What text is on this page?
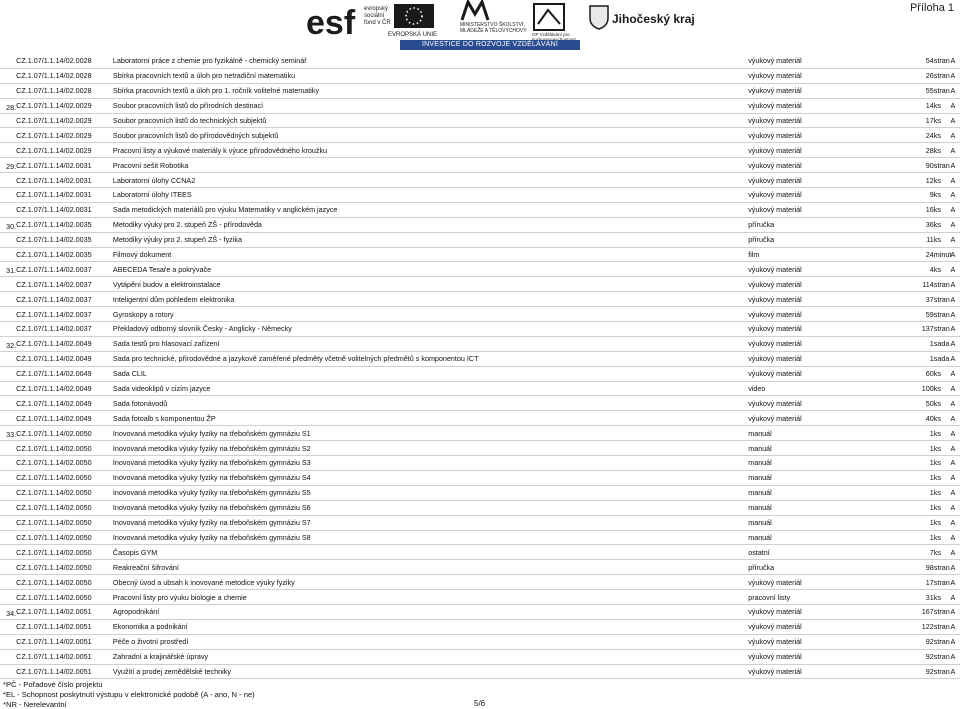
Příloha 1
esf evropský
sociální
fond v ČR
EVROPSKÁ UNIE
MINISTERSTVO ŠKOLSTVÍ, MLÁDEŽE A TĚLOVÝCHOVY
OP Vzdělávání pro
Jihočeský kraj
INVESTICE DO ROZVOJE VZDĚLÁVÁNÍ
	CZ.1.07/1.1.14/02.0028	Laboratorní práce z chemie pro fyzikálně - chemický seminář	výukový materiál	54	stran	A
	CZ.1.07/1.1.14/02.0028	Sbírka pracovních textů a úloh pro netradiční matematiku	výukový materiál	26	stran	A
	CZ.1.07/1.1.14/02.0028	Sbírka pracovních textů a úloh pro 1. ročník volitelné matematiky	výukový materiál	55	stran	A
28.	CZ.1.07/1.1.14/02.0029	Soubor pracovních listů do přírodních destinací	výukový materiál	14	ks	A
	CZ.1.07/1.1.14/02.0029	Soubor pracovních listů do technických subjektů	výukový materiál	17	ks	A
	CZ.1.07/1.1.14/02.0029	Soubor pracovních listů do přírodovědných subjektů	výukový materiál	24	ks	A
	CZ.1.07/1.1.14/02.0029	Pracovní listy a výukové materiály k výuce přírodovědného kroužku	výukový materiál	28	ks	A
29.	CZ.1.07/1.1.14/02.0031	Pracovní sešit Robotika	výukový materiál	90	stran	A
	CZ.1.07/1.1.14/02.0031	Laboratorní úlohy CCNA2	výukový materiál	12	ks	A
	CZ.1.07/1.1.14/02.0031	Laboratorní úlohy ITEES	výukový materiál	9	ks	A
	CZ.1.07/1.1.14/02.0031	Sada metodických materiálů pro výuku Matematiky v anglickém jazyce	výukový materiál	16	ks	A
30.	CZ.1.07/1.1.14/02.0035	Metodiky výuky pro 2. stupeň ZŠ - přírodověda	příručka	36	ks	A
	CZ.1.07/1.1.14/02.0035	Metodiky výuky pro 2. stupeň ZŠ - fyzika	příručka	11	ks	A
	CZ.1.07/1.1.14/02.0035	Filmový dokument	film	24	minut	A
31.	CZ.1.07/1.1.14/02.0037	ABECEDA Tesaře a pokrývače	výukový materiál	4	ks	A
	CZ.1.07/1.1.14/02.0037	Vytápění budov a elektroinstalace	výukový materiál	114	stran	A
	CZ.1.07/1.1.14/02.0037	Inteligentní dům pohledem elektronika	výukový materiál	37	stran	A
	CZ.1.07/1.1.14/02.0037	Gyroskopy a rotory	výukový materiál	59	stran	A
	CZ.1.07/1.1.14/02.0037	Překladový odborný slovník Česky - Anglicky - Německy	výukový materiál	137	stran	A
32.	CZ.1.07/1.1.14/02.0049	Sada testů pro hlasovací zařízení	výukový materiál	1	sada	A
	CZ.1.07/1.1.14/02.0049	Sada pro technické, přírodovědné a jazykově zaměřené předměty včetně volitelných předmětů s komponentou ICT	výukový materiál	1	sada	A
	CZ.1.07/1.1.14/02.0049	Sada CLIL	výukový materiál	60	ks	A
	CZ.1.07/1.1.14/02.0049	Sada videoklipů v cizím jazyce	video	100	ks	A
	CZ.1.07/1.1.14/02.0049	Sada fotonávodů	výukový materiál	50	ks	A
	CZ.1.07/1.1.14/02.0049	Sada fotoalb s komponentou ŽP	výukový materiál	40	ks	A
33.	CZ.1.07/1.1.14/02.0050	Inovovaná metodika výuky fyziky na třeboňském gymnáziu S1	manuál	1	ks	A
	CZ.1.07/1.1.14/02.0050	Inovovaná metodika výuky fyziky na třeboňském gymnáziu S2	manuál	1	ks	A
	CZ.1.07/1.1.14/02.0050	Inovovaná metodika výuky fyziky na třeboňském gymnáziu S3	manuál	1	ks	A
	CZ.1.07/1.1.14/02.0050	Inovovaná metodika výuky fyziky na třeboňském gymnáziu S4	manuál	1	ks	A
	CZ.1.07/1.1.14/02.0050	Inovovaná metodika výuky fyziky na třeboňském gymnáziu S5	manuál	1	ks	A
	CZ.1.07/1.1.14/02.0050	Inovovaná metodika výuky fyziky na třeboňském gymnáziu S6	manuál	1	ks	A
	CZ.1.07/1.1.14/02.0050	Inovovaná metodika výuky fyziky na třeboňském gymnáziu S7	manuál	1	ks	A
	CZ.1.07/1.1.14/02.0050	Inovovaná metodika výuky fyziky na třeboňském gymnáziu S8	manuál	1	ks	A
	CZ.1.07/1.1.14/02.0050	Časopis GYM	ostatní	7	ks	A
	CZ.1.07/1.1.14/02.0050	Reakreační šifrování	příručka	98	stran	A
	CZ.1.07/1.1.14/02.0050	Obecný úvod a ubsah k inovované metodice výuky fyziky	výukový materiál	17	stran	A
	CZ.1.07/1.1.14/02.0050	Pracovní listy pro výuku biologie a chemie	pracovní listy	31	ks	A
34.	CZ.1.07/1.1.14/02.0051	Agropodnikání	výukový materiál	167	stran	A
	CZ.1.07/1.1.14/02.0051	Ekonomika a podnikání	výukový materiál	122	stran	A
	CZ.1.07/1.1.14/02.0051	Péče o životní prostředí	výukový materiál	92	stran	A
	CZ.1.07/1.1.14/02.0051	Zahradní a krajinářské úpravy	výukový materiál	92	stran	A
	CZ.1.07/1.1.14/02.0051	Využití a prodej zemědělské techniky	výukový materiál	92	stran	A
*PČ - Pořadové číslo projektu
*EL - Schopnost poskytnutí výstupu v elektronické podobě (A - ano, N - ne)
*NR - Nerelevantní	5/6
